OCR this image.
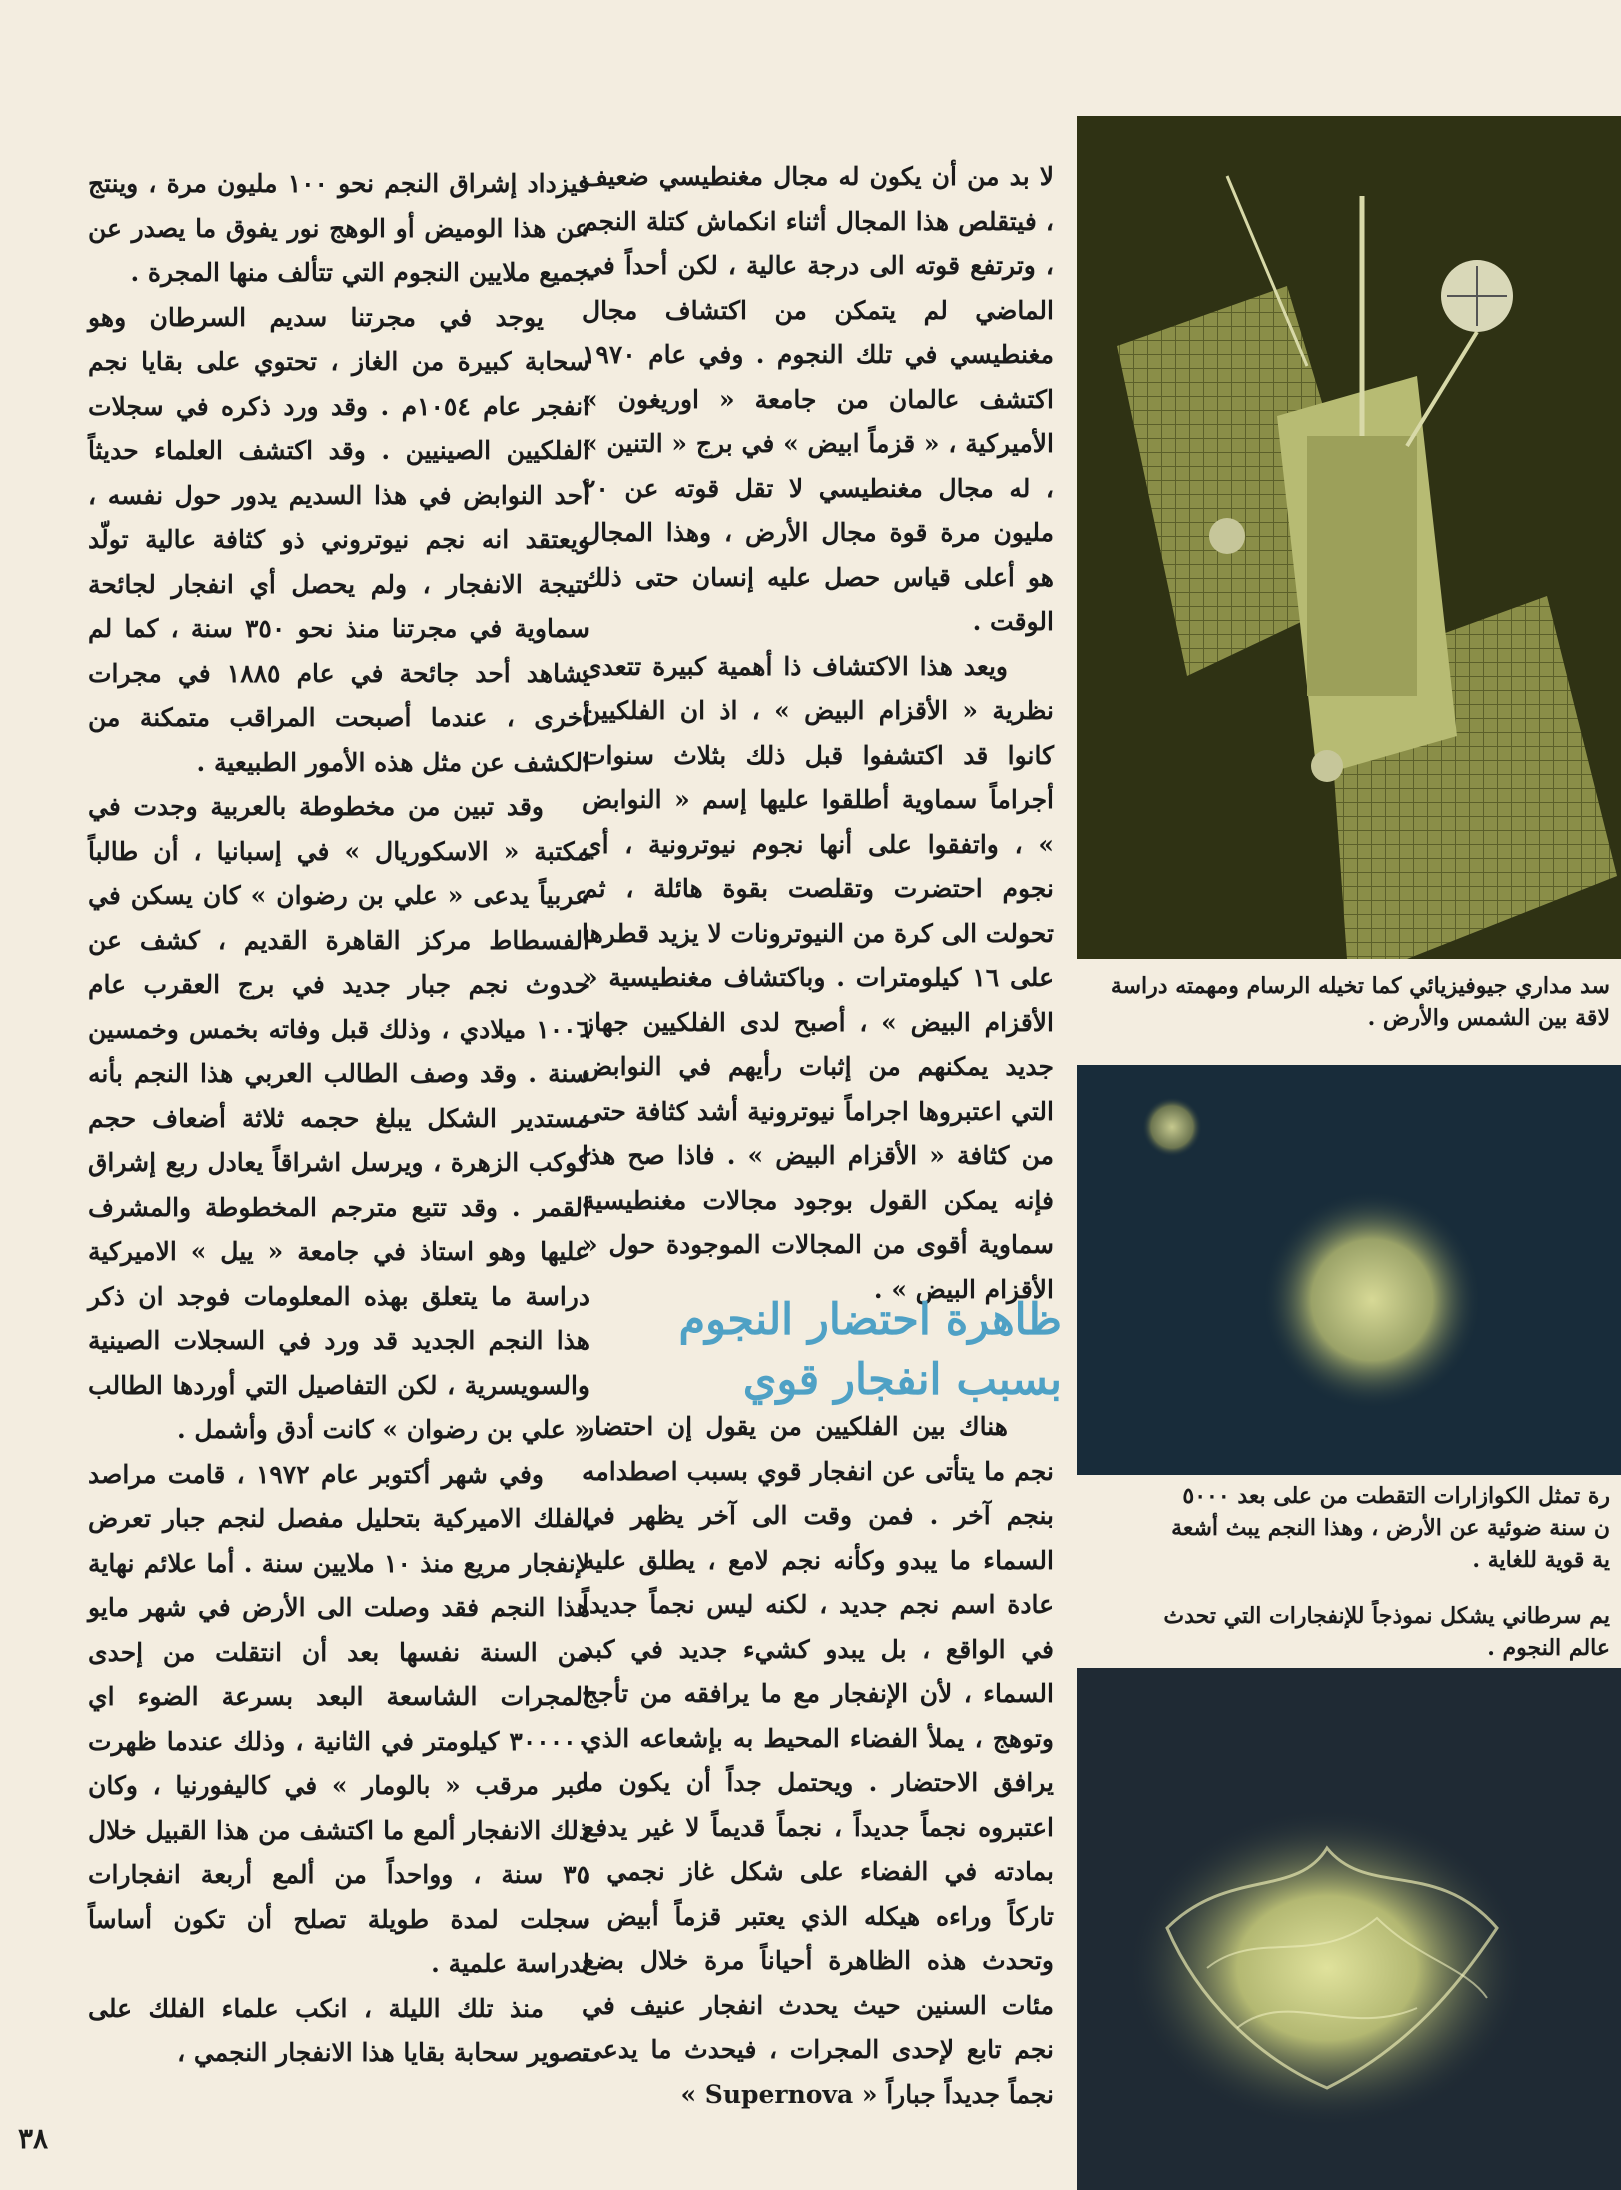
لا بد من أن يكون له مجال مغنطيسي ضعيف ، فيتقلص هذا المجال أثناء انكماش كتلة النجم ، وترتفع قوته الى درجة عالية ، لكن أحداً في الماضي لم يتمكن من اكتشاف مجال مغنطيسي في تلك النجوم . وفي عام ١٩٧٠ اكتشف عالمان من جامعة « اوريغون » الأميركية ، « قزماً ابيض » في برج « التنين » ، له مجال مغنطيسي لا تقل قوته عن ٢٠ مليون مرة قوة مجال الأرض ، وهذا المجال هو أعلى قياس حصل عليه إنسان حتى ذلك الوقت .

ويعد هذا الاكتشاف ذا أهمية كبيرة تتعدى نظرية « الأقزام البيض » ، اذ ان الفلكيين كانوا قد اكتشفوا قبل ذلك بثلاث سنوات أجراماً سماوية أطلقوا عليها إسم « النوابض » ، واتفقوا على أنها نجوم نيوترونية ، أي نجوم احتضرت وتقلصت بقوة هائلة ، ثم تحولت الى كرة من النيوترونات لا يزيد قطرها على ١٦ كيلومترات . وباكتشاف مغنطيسية « الأقزام البيض » ، أصبح لدى الفلكيين جهاز جديد يمكنهم من إثبات رأيهم في النوابض التي اعتبروها اجراماً نيوترونية أشد كثافة حتى من كثافة « الأقزام البيض » . فاذا صح هذا فإنه يمكن القول بوجود مجالات مغنطيسية سماوية أقوى من المجالات الموجودة حول « الأقزام البيض » .

ظاهرة احتضار النجوم بسبب انفجار قوي

هناك بين الفلكيين من يقول إن احتضار نجم ما يتأتى عن انفجار قوي بسبب اصطدامه بنجم آخر . فمن وقت الى آخر يظهر في السماء ما يبدو وكأنه نجم لامع ، يطلق عليه عادة اسم نجم جديد ، لكنه ليس نجماً جديداً في الواقع ، بل يبدو كشيء جديد في كبد السماء ، لأن الإنفجار مع ما يرافقه من تأجج وتوهج ، يملأ الفضاء المحيط به بإشعاعه الذي يرافق الاحتضار . ويحتمل جداً أن يكون ما اعتبروه نجماً جديداً ، نجماً قديماً لا غير يدفع بمادته في الفضاء على شكل غاز نجمي ، تاركاً وراءه هيكله الذي يعتبر قزماً أبيض . وتحدث هذه الظاهرة أحياناً مرة خلال بضع مئات السنين حيث يحدث انفجار عنيف في نجم تابع لإحدى المجرات ، فيحدث ما يدعى نجماً جديداً جباراً « Supernova »

فيزداد إشراق النجم نحو ١٠٠ مليون مرة ، وينتج عن هذا الوميض أو الوهج نور يفوق ما يصدر عن جميع ملايين النجوم التي تتألف منها المجرة .

يوجد في مجرتنا سديم السرطان وهو سحابة كبيرة من الغاز ، تحتوي على بقايا نجم انفجر عام ١٠٥٤م . وقد ورد ذكره في سجلات الفلكيين الصينيين . وقد اكتشف العلماء حديثاً أحد النوابض في هذا السديم يدور حول نفسه ، ويعتقد انه نجم نيوتروني ذو كثافة عالية تولّد نتيجة الانفجار ، ولم يحصل أي انفجار لجائحة سماوية في مجرتنا منذ نحو ٣٥٠ سنة ، كما لم يشاهد أحد جائحة في عام ١٨٨٥ في مجرات أخرى ، عندما أصبحت المراقب متمكنة من الكشف عن مثل هذه الأمور الطبيعية .

وقد تبين من مخطوطة بالعربية وجدت في مكتبة « الاسكوريال » في إسبانيا ، أن طالباً عربياً يدعى « علي بن رضوان » كان يسكن في الفسطاط مركز القاهرة القديم ، كشف عن حدوث نجم جبار جديد في برج العقرب عام ١٠٠٦ ميلادي ، وذلك قبل وفاته بخمس وخمسين سنة . وقد وصف الطالب العربي هذا النجم بأنه مستدير الشكل يبلغ حجمه ثلاثة أضعاف حجم كوكب الزهرة ، ويرسل اشراقاً يعادل ربع إشراق القمر . وقد تتبع مترجم المخطوطة والمشرف عليها وهو استاذ في جامعة « ييل » الاميركية دراسة ما يتعلق بهذه المعلومات فوجد ان ذكر هذا النجم الجديد قد ورد في السجلات الصينية والسويسرية ، لكن التفاصيل التي أوردها الطالب « علي بن رضوان » كانت أدق وأشمل .

وفي شهر أكتوبر عام ١٩٧٢ ، قامت مراصد الفلك الاميركية بتحليل مفصل لنجم جبار تعرض لإنفجار مريع منذ ١٠ ملايين سنة . أما علائم نهاية هذا النجم فقد وصلت الى الأرض في شهر مايو من السنة نفسها بعد أن انتقلت من إحدى المجرات الشاسعة البعد بسرعة الضوء اي ٣٠٠٠٠٠ كيلومتر في الثانية ، وذلك عندما ظهرت عبر مرقب « بالومار » في كاليفورنيا ، وكان ذلك الانفجار ألمع ما اكتشف من هذا القبيل خلال ٣٥ سنة ، وواحداً من ألمع أربعة انفجارات سجلت لمدة طويلة تصلح أن تكون أساساً لدراسة علمية .

منذ تلك الليلة ، انكب علماء الفلك على تصوير سحابة بقايا هذا الانفجار النجمي ،

سد مداري جيوفيزيائي كما تخيله الرسام ومهمته دراسة
لاقة بين الشمس والأرض .
رة تمثل الكوازارات التقطت من على بعد ٥٠٠٠
ن سنة ضوئية عن الأرض ، وهذا النجم يبث أشعة
ية قوية للغاية .
يم سرطاني يشكل نموذجاً للإنفجارات التي تحدث
عالم النجوم .
٣٨
